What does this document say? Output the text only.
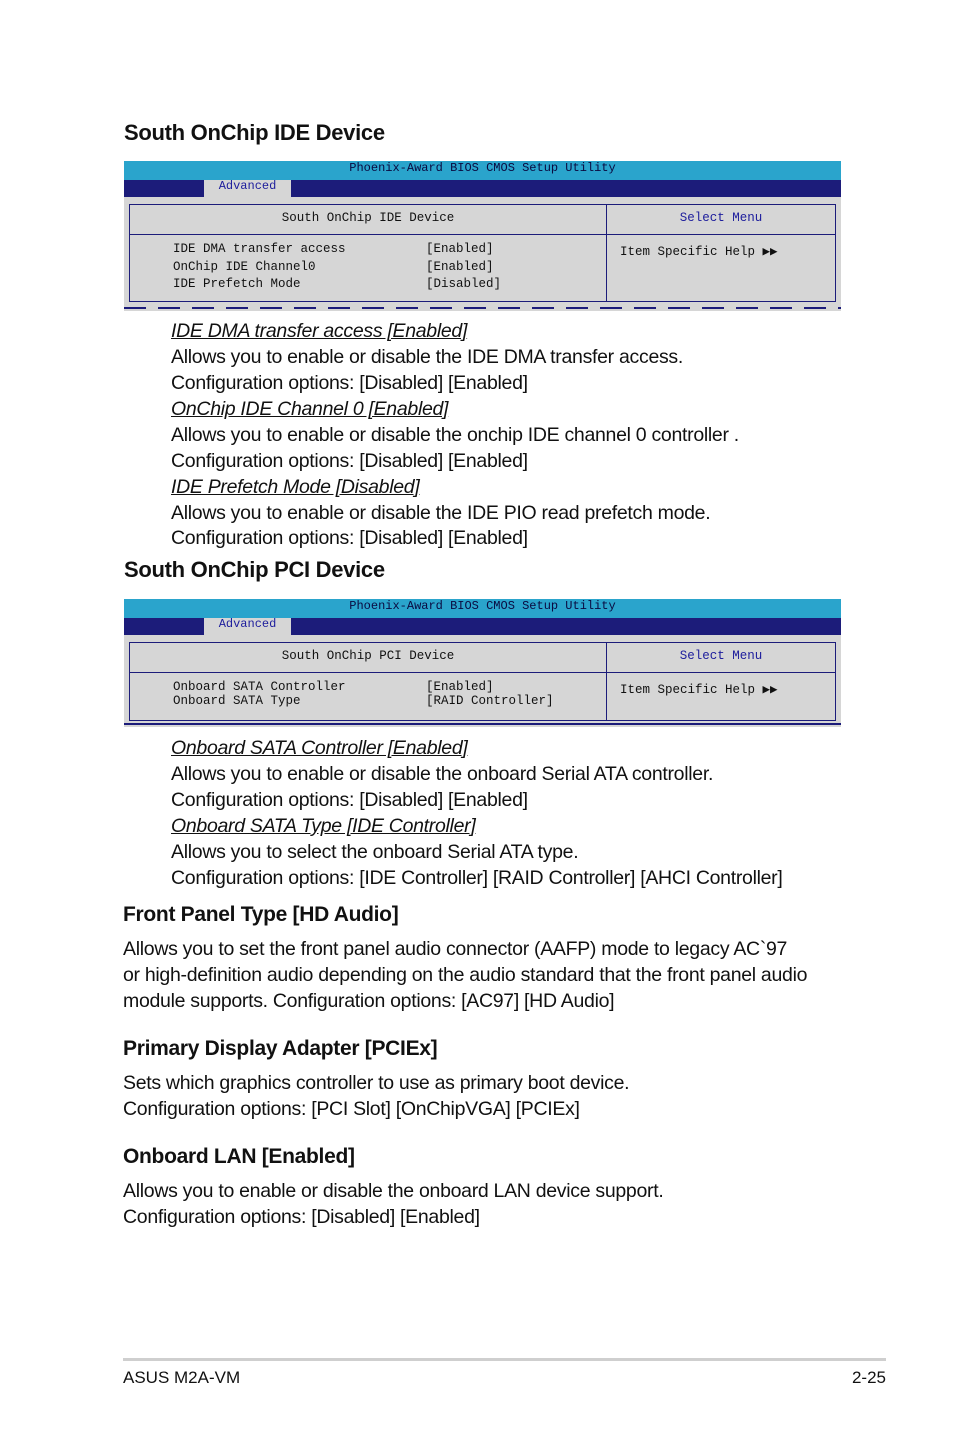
South OnChip IDE Device
Phoenix-Award BIOS CMOS Setup Utility
Advanced
South OnChip IDE Device	Select Menu
IDE DMA transfer access	[Enabled]
OnChip IDE Channel0	[Enabled]
IDE Prefetch Mode	[Disabled]
Item Specific Help ▶▶
IDE DMA transfer access [Enabled]
Allows you to enable or disable the IDE DMA transfer access.
Configuration options: [Disabled] [Enabled]
OnChip IDE Channel 0 [Enabled]
Allows you to enable or disable the onchip IDE channel 0 controller .
Configuration options: [Disabled] [Enabled]
IDE Prefetch Mode [Disabled]
Allows you to enable or disable the IDE PIO read prefetch mode.
Configuration options: [Disabled] [Enabled]
South OnChip PCI Device
Phoenix-Award BIOS CMOS Setup Utility
Advanced
South OnChip PCI Device	Select Menu
Onboard SATA Controller	[Enabled]
Onboard SATA Type	[RAID Controller]
Item Specific Help ▶▶
Onboard SATA Controller [Enabled]
Allows you to enable or disable the onboard Serial ATA controller.
Configuration options: [Disabled] [Enabled]
Onboard SATA Type [IDE Controller]
Allows you to select the onboard Serial ATA type.
Configuration options: [IDE Controller] [RAID Controller] [AHCI Controller]
Front Panel Type [HD Audio]
Allows you to set the front panel audio connector (AAFP) mode to legacy AC`97
or high-definition audio depending on the audio standard that the front panel audio
module supports. Configuration options: [AC97] [HD Audio]
Primary Display Adapter [PCIEx]
Sets which graphics controller to use as primary boot device.
Configuration options: [PCI Slot] [OnChipVGA] [PCIEx]
Onboard LAN [Enabled]
Allows you to enable or disable the onboard LAN device support.
Configuration options: [Disabled] [Enabled]
ASUS M2A-VM	2-25
